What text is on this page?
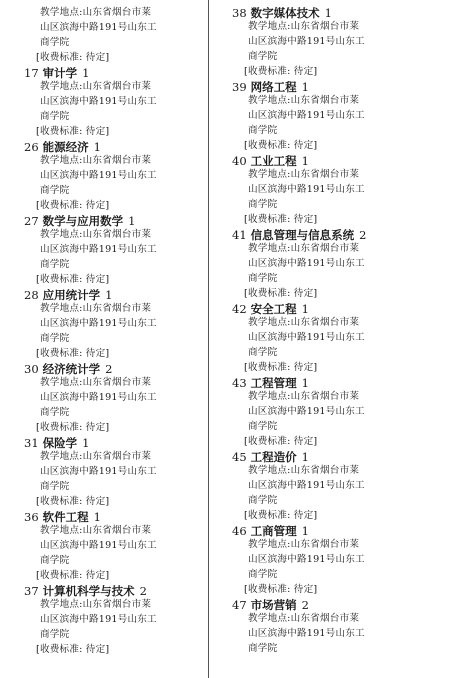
教学地点:山东省烟台市莱
山区滨海中路191号山东工
商学院
[收费标准: 待定]
17 审计学 1
教学地点:山东省烟台市莱
山区滨海中路191号山东工
商学院
[收费标准: 待定]
26 能源经济 1
教学地点:山东省烟台市莱
山区滨海中路191号山东工
商学院
[收费标准: 待定]
27 数学与应用数学 1
教学地点:山东省烟台市莱
山区滨海中路191号山东工
商学院
[收费标准: 待定]
28 应用统计学 1
教学地点:山东省烟台市莱
山区滨海中路191号山东工
商学院
[收费标准: 待定]
30 经济统计学 2
教学地点:山东省烟台市莱
山区滨海中路191号山东工
商学院
[收费标准: 待定]
31 保险学 1
教学地点:山东省烟台市莱
山区滨海中路191号山东工
商学院
[收费标准: 待定]
36 软件工程 1
教学地点:山东省烟台市莱
山区滨海中路191号山东工
商学院
[收费标准: 待定]
37 计算机科学与技术 2
教学地点:山东省烟台市莱
山区滨海中路191号山东工
商学院
[收费标准: 待定]
38 数字媒体技术 1
教学地点:山东省烟台市莱
山区滨海中路191号山东工
商学院
[收费标准: 待定]
39 网络工程 1
教学地点:山东省烟台市莱
山区滨海中路191号山东工
商学院
[收费标准: 待定]
40 工业工程 1
教学地点:山东省烟台市莱
山区滨海中路191号山东工
商学院
[收费标准: 待定]
41 信息管理与信息系统 2
教学地点:山东省烟台市莱
山区滨海中路191号山东工
商学院
[收费标准: 待定]
42 安全工程 1
教学地点:山东省烟台市莱
山区滨海中路191号山东工
商学院
[收费标准: 待定]
43 工程管理 1
教学地点:山东省烟台市莱
山区滨海中路191号山东工
商学院
[收费标准: 待定]
45 工程造价 1
教学地点:山东省烟台市莱
山区滨海中路191号山东工
商学院
[收费标准: 待定]
46 工商管理 1
教学地点:山东省烟台市莱
山区滨海中路191号山东工
商学院
[收费标准: 待定]
47 市场营销 2
教学地点:山东省烟台市莱
山区滨海中路191号山东工
商学院
